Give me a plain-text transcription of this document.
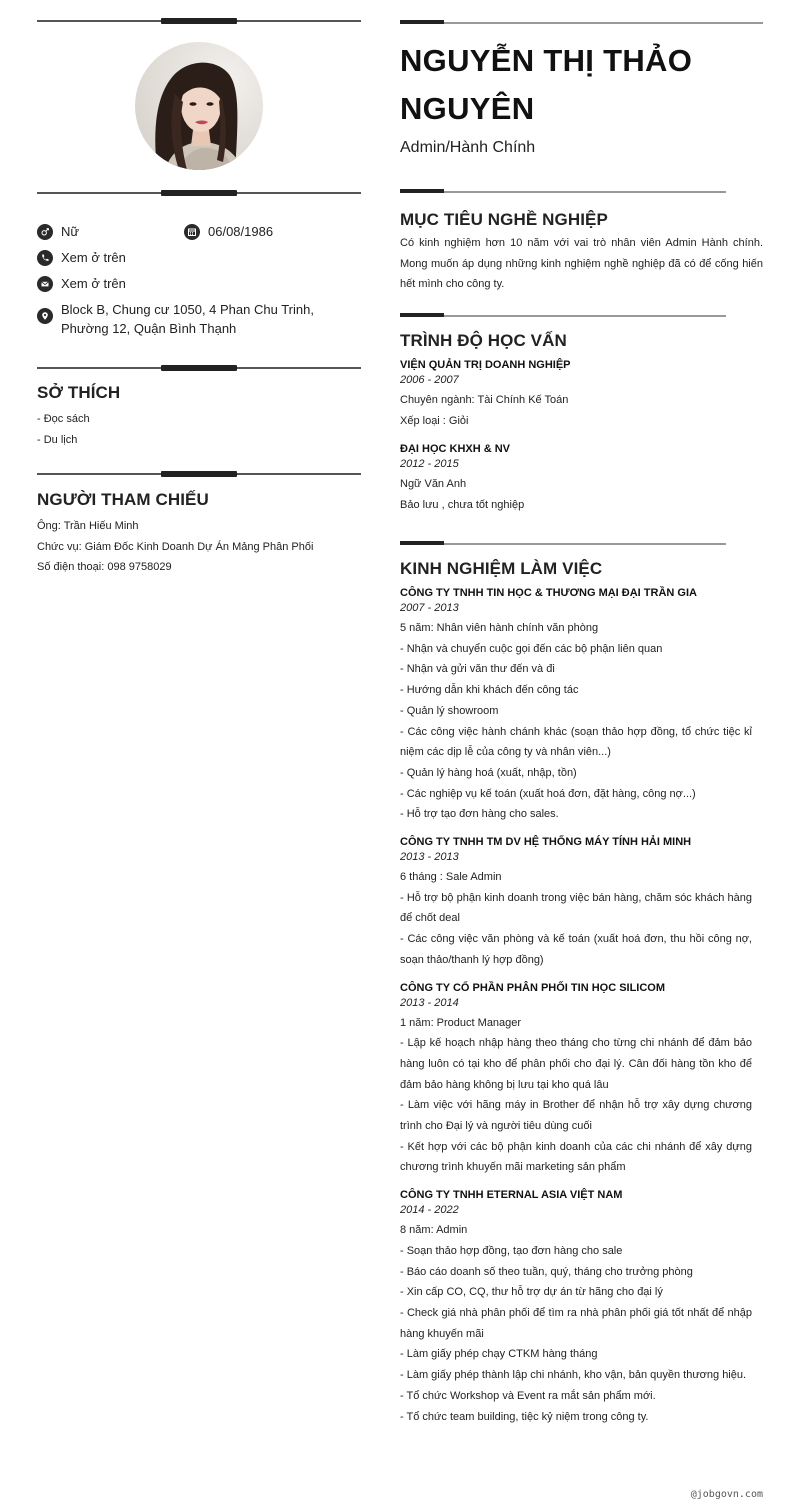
Nữ	06/08/1986
Xem ở trên
Xem ở trên
Block B, Chung cư 1050, 4 Phan Chu Trinh, Phường 12, Quận Bình Thạnh
SỞ THÍCH
- Đọc sách
- Du lịch
NGƯỜI THAM CHIẾU
Ông: Trần Hiếu Minh
Chức vụ: Giám Đốc Kinh Doanh Dự Án Mảng Phân Phối
Số điện thoại: 098 9758029
NGUYỄN THỊ THẢO NGUYÊN
Admin/Hành Chính
MỤC TIÊU NGHỀ NGHIỆP
Có kinh nghiệm hơn 10 năm với vai trò nhân viên Admin Hành chính. Mong muốn áp dụng những kinh nghiệm nghề nghiệp đã có để cống hiến hết mình cho công ty.
TRÌNH ĐỘ HỌC VẤN
VIỆN QUẢN TRỊ DOANH NGHIỆP
2006 - 2007
Chuyên ngành: Tài Chính Kế Toán
Xếp loại : Giỏi
ĐẠI HỌC KHXH & NV
2012 - 2015
Ngữ Văn Anh
Bảo lưu , chưa tốt nghiệp
KINH NGHIỆM LÀM VIỆC
CÔNG TY TNHH TIN HỌC & THƯƠNG MẠI ĐẠI TRẦN GIA
2007 - 2013
5 năm: Nhân viên hành chính văn phòng
- Nhận và chuyển cuộc gọi đến các bộ phận liên quan
- Nhận và gửi văn thư đến và đi
- Hướng dẫn khi khách đến công tác
- Quản lý showroom
- Các công việc hành chánh khác (soạn thảo hợp đồng, tổ chức tiệc kỉ niệm các dịp lễ của công ty và nhân viên...)
- Quản lý hàng hoá (xuất, nhập, tồn)
- Các nghiệp vụ kế toán (xuất hoá đơn, đặt hàng, công nợ...)
- Hỗ trợ tạo đơn hàng cho sales.
CÔNG TY TNHH TM DV HỆ THỐNG MÁY TÍNH HẢI MINH
2013 - 2013
6 tháng : Sale Admin
- Hỗ trợ bộ phận kinh doanh trong việc bán hàng, chăm sóc khách hàng để chốt deal
- Các công việc văn phòng và kế toán (xuất hoá đơn, thu hồi công nợ, soạn thảo/thanh lý hợp đồng)
CÔNG TY CỔ PHẦN PHÂN PHỐI TIN HỌC SILICOM
2013 - 2014
1 năm: Product Manager
- Lập kế hoạch nhập hàng theo tháng cho từng chi nhánh để đảm bảo hàng luôn có tại kho để phân phối cho đại lý. Cân đối hàng tồn kho để đảm bảo hàng không bị lưu tại kho quá lâu
- Làm việc với hãng máy in Brother để nhận hỗ trợ xây dựng chương trình cho Đại lý và người tiêu dùng cuối
- Kết hợp với các bộ phận kinh doanh của các chi nhánh để xây dựng chương trình khuyến mãi marketing sản phẩm
CÔNG TY TNHH ETERNAL ASIA VIỆT NAM
2014 - 2022
8 năm: Admin
- Soạn thảo hợp đồng, tạo đơn hàng cho sale
- Báo cáo doanh số theo tuần, quý, tháng cho trưởng phòng
- Xin cấp CO, CQ, thư hỗ trợ dự án từ hãng cho đại lý
- Check giá nhà phân phối để tìm ra nhà phân phối giá tốt nhất để nhập hàng khuyến mãi
- Làm giấy phép chạy CTKM hàng tháng
- Làm giấy phép thành lập chi nhánh, kho vận, bản quyền thương hiệu.
- Tổ chức Workshop và Event ra mắt sản phẩm mới.
- Tổ chức team building, tiệc kỷ niệm trong công ty.
@jobgovn.com
